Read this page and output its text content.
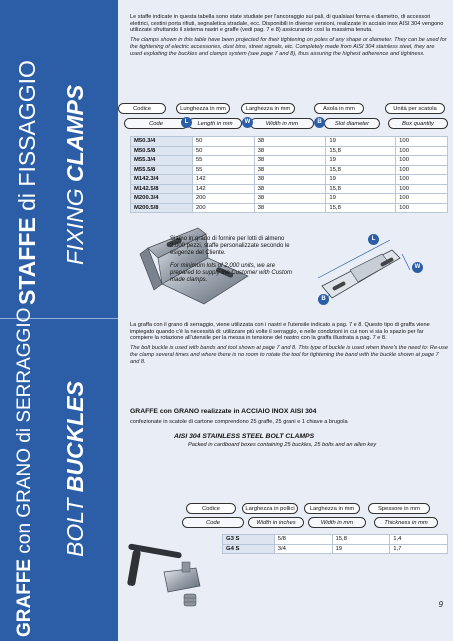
STAFFE di FISSAGGIO
FIXING CLAMPS
GRAFFE con GRANO di SERRAGGIO BOLT BUCKLES

Le staffe indicate in questa tabella sono state studiate per l'ancoraggio sui pali, di qualsiasi forma e diametro, di accessori elettrici, cestini porta rifiuti, segnaletica stradale, ecc. Disponibili in diverse versioni, realizzate in acciaio inox AISI 304 vengono utilizzate sfruttando il sistema nastri e graffe (vedi pag. 7 e 8) assicurando così la massima tenuta.

The clamps shown in this table have been projected for their tightening on poles of any shape or diameter. They can be used for the tightening of electric accessories, dust bins, street signals, etc. Completely made from AISI 304 stainless steel, they are used exploiting the buckles and clamps system (see page 7 and 8), thus assuring the highest adherence and tightness.

Codice	Lunghezza in mm	Larghezza in mm	Asola in mm	Unità per scatola
Code	Length in mm	Width in mm	Slot diameter	Box quantity
L	W	B
M50.3/4	50	38	19	100
M50.5/8	50	38	15,8	100
M55.3/4	55	38	19	100
M55.5/8	55	38	15,8	100
M142.3/4	142	38	19	100
M142.5/8	142	38	15,8	100
M200.3/4	200	38	19	100
M200.5/8	200	38	15,8	100
Siamo in grado di fornire per lotti di almeno 2.000 pezzi, staffe personalizzate secondo le esigenze del Cliente.
For minimum lots of 2,000 units, we are prepared to supply the Customer with Custom made clamps.
L
W
B

La graffa con il grano di serraggio, viene utilizzata con i nastri e l'utensile indicato a pag. 7 e 8. Questo tipo di graffa viene impiegato quando c'è la necessità di: utilizzare più volte il serraggio, e nelle condizioni in cui non vi sia lo spazio per far compiere la rotazione all'utensile per la messa in tensione del nastro con la graffa illustrata a pag. 7 e 8.

The bolt buckle is used with bands and tool shown at page 7 and 8. This type of buckle is used when there's the need to: Re-use the clamp several times and where there is no room to rotate the tool for tightening the band with the buckle shown at page 7 and 8.

GRAFFE con GRANO realizzate in ACCIAIO INOX AISI 304
confezionate in scatole di cartone comprendono 25 graffe, 25 grani e 1 chiave a brugola
AISI 304 STAINLESS STEEL BOLT CLAMPS
Packed in cardboard boxes containing 25 buckles, 25 bolts and an allen key
Codice	Larghezza in pollici	Larghezza in mm	Spessore in mm
Code	Width in inches	Width in mm	Thickness in mm
G3 S	5/8	15,8	1,4
G4 S	3/4	19	1,7
9
